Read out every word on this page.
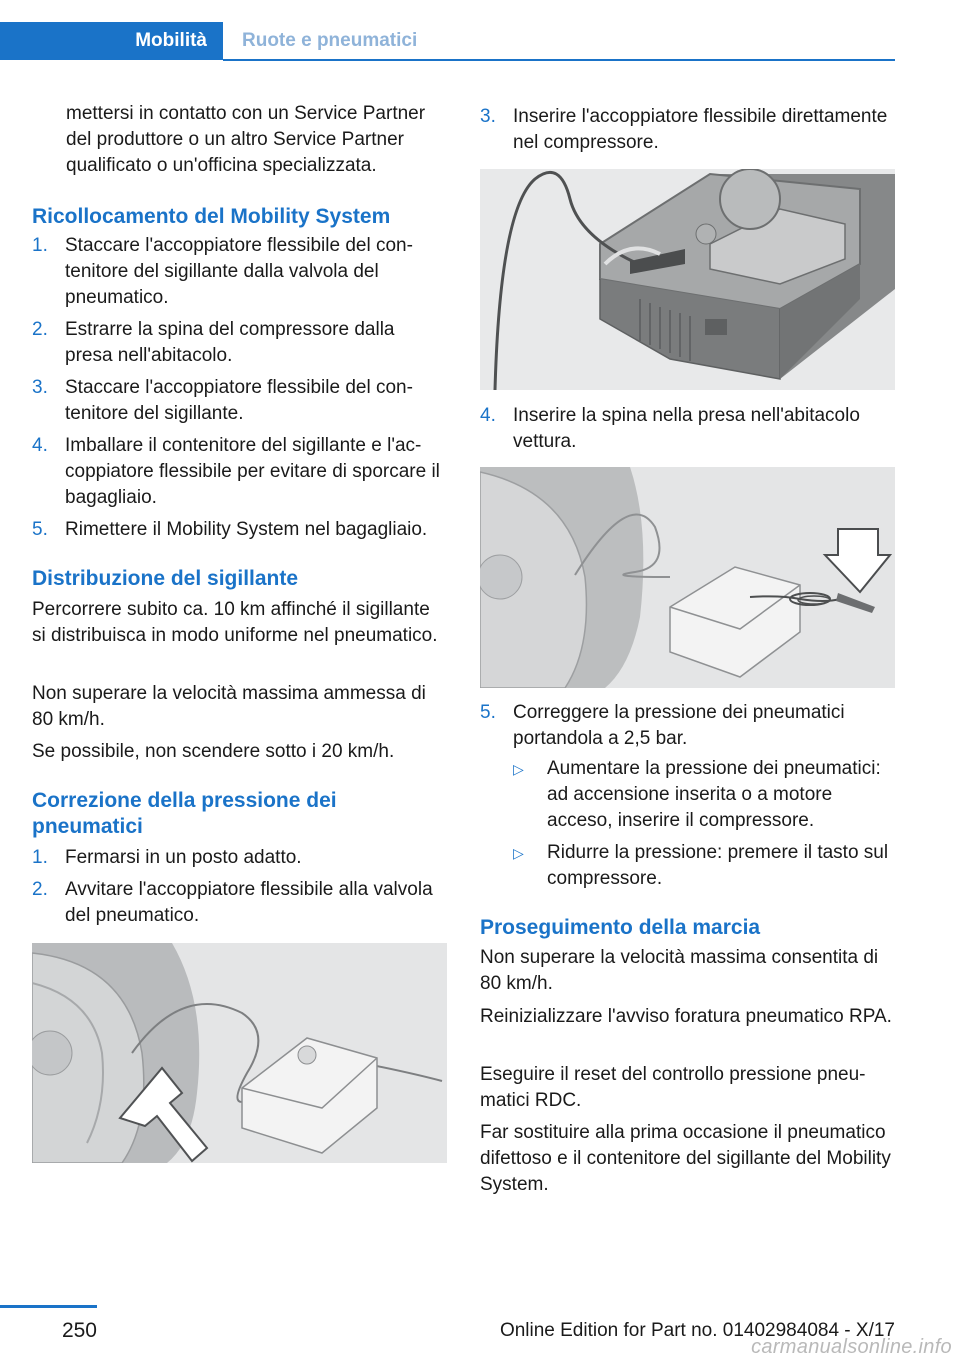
Mobilità	Ruote e pneumatici

mettersi in contatto con un Service Partner del produttore o un altro Service Partner qualificato o un'officina specializzata.

Ricollocamento del Mobility System
1. Staccare l'accoppiatore flessibile del contenitore del sigillante dalla valvola del pneumatico.
2. Estrarre la spina del compressore dalla presa nell'abitacolo.
3. Staccare l'accoppiatore flessibile del contenitore del sigillante.
4. Imballare il contenitore del sigillante e l'accoppiatore flessibile per evitare di sporcare il bagagliaio.
5. Rimettere il Mobility System nel bagagliaio.
Distribuzione del sigillante

Percorrere subito ca. 10 km affinché il sigillante si distribuisca in modo uniforme nel pneumatico.

Non superare la velocità massima ammessa di 80 km/h.

Se possibile, non scendere sotto i 20 km/h.

Correzione della pressione dei pneumatici
1. Fermarsi in un posto adatto.
2. Avvitare l'accoppiatore flessibile alla valvola del pneumatico.
3. Inserire l'accoppiatore flessibile direttamente nel compressore.
4. Inserire la spina nella presa nell'abitacolo vettura.
5. Correggere la pressione dei pneumatici portandola a 2,5 bar.
▷	Aumentare la pressione dei pneumatici: ad accensione inserita o a motore acceso, inserire il compressore.
▷	Ridurre la pressione: premere il tasto sul compressore.
Proseguimento della marcia

Non superare la velocità massima consentita di 80 km/h.

Reinizializzare l'avviso foratura pneumatico RPA.

Eseguire il reset del controllo pressione pneumatici RDC.

Far sostituire alla prima occasione il pneumatico difettoso e il contenitore del sigillante del Mobility System.

250	Online Edition for Part no. 01402984084 - X/17
carmanualsonline.info
